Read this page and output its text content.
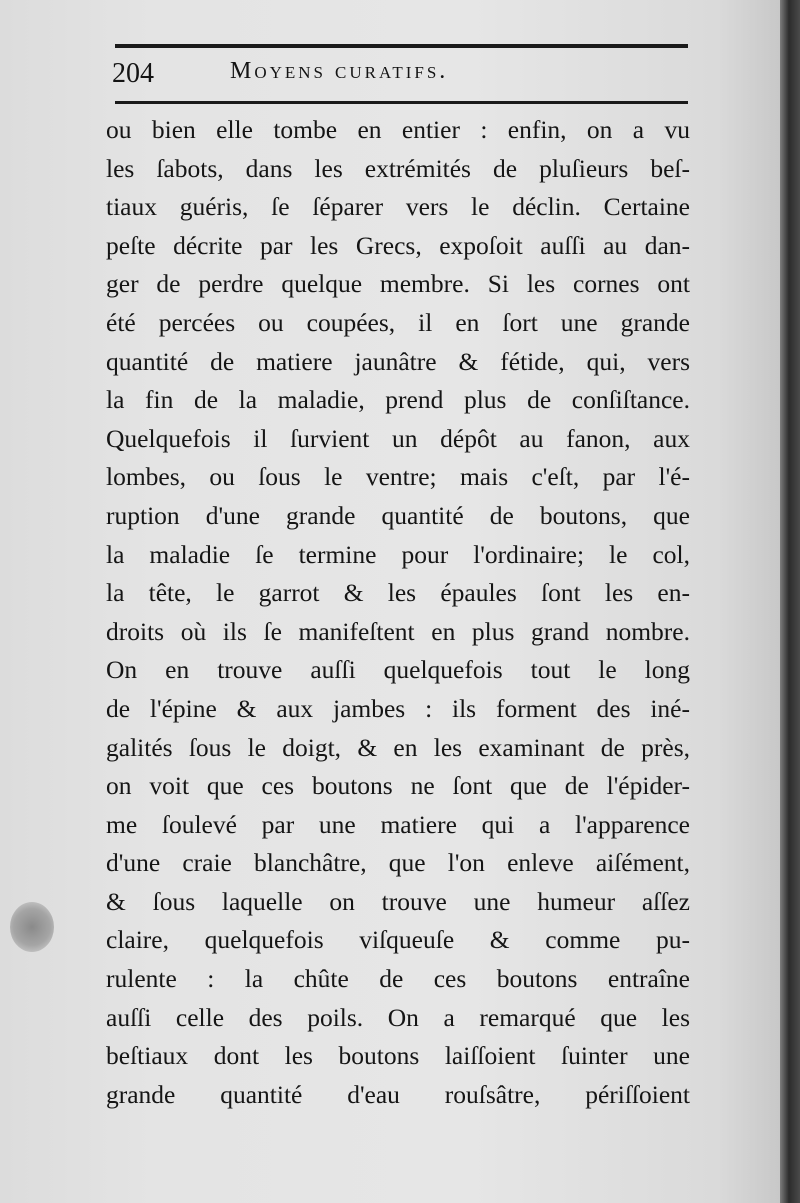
204	Moyens curatifs.
ou bien elle tombe en entier : enfin, on a vu
les ſabots, dans les extrémités de pluſieurs beſ-
tiaux guéris, ſe ſéparer vers le déclin. Certaine
peſte décrite par les Grecs, expoſoit auſſi au dan-
ger de perdre quelque membre. Si les cornes ont
été percées ou coupées, il en ſort une grande
quantité de matiere jaunâtre & fétide, qui, vers
la fin de la maladie, prend plus de conſiſtance.
Quelquefois il ſurvient un dépôt au fanon, aux
lombes, ou ſous le ventre; mais c'eſt, par l'é-
ruption d'une grande quantité de boutons, que
la maladie ſe termine pour l'ordinaire; le col,
la tête, le garrot & les épaules ſont les en-
droits où ils ſe manifeſtent en plus grand nombre.
On en trouve auſſi quelquefois tout le long
de l'épine & aux jambes : ils forment des iné-
galités ſous le doigt, & en les examinant de près,
on voit que ces boutons ne ſont que de l'épider-
me ſoulevé par une matiere qui a l'apparence
d'une craie blanchâtre, que l'on enleve aiſément,
& ſous laquelle on trouve une humeur aſſez
claire, quelquefois viſqueuſe & comme pu-
rulente : la chûte de ces boutons entraîne
auſſi celle des poils. On a remarqué que les
beſtiaux dont les boutons laiſſoient ſuinter une
grande quantité d'eau rouſsâtre, périſſoient
